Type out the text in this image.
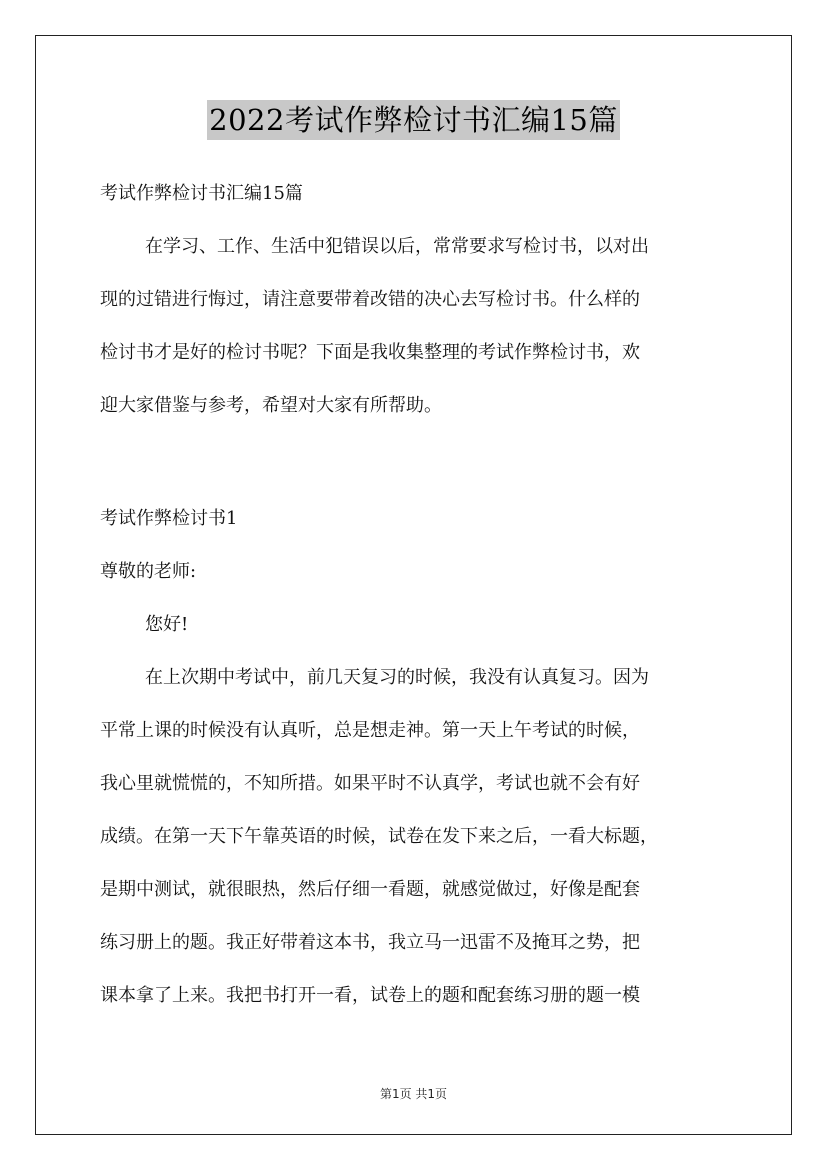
2022考试作弊检讨书汇编15篇
考试作弊检讨书汇编15篇
在学习、工作、生活中犯错误以后，常常要求写检讨书，以对出
现的过错进行悔过，请注意要带着改错的决心去写检讨书。什么样的
检讨书才是好的检讨书呢？下面是我收集整理的考试作弊检讨书，欢
迎大家借鉴与参考，希望对大家有所帮助。
考试作弊检讨书1
尊敬的老师:
您好!
在上次期中考试中，前几天复习的时候，我没有认真复习。因为
平常上课的时候没有认真听，总是想走神。第一天上午考试的时候，
我心里就慌慌的，不知所措。如果平时不认真学，考试也就不会有好
成绩。在第一天下午靠英语的时候，试卷在发下来之后，一看大标题，
是期中测试，就很眼热，然后仔细一看题，就感觉做过，好像是配套
练习册上的题。我正好带着这本书，我立马一迅雷不及掩耳之势，把
课本拿了上来。我把书打开一看，试卷上的题和配套练习册的题一模
第1页 共1页
